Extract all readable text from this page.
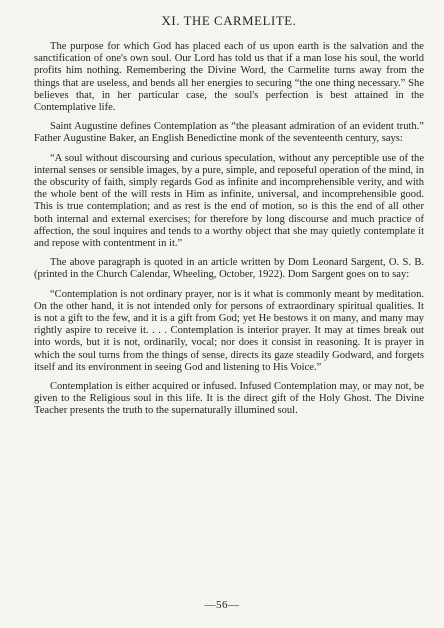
XI. THE CARMELITE.

The purpose for which God has placed each of us upon earth is the salvation and the sanctification of one's own soul. Our Lord has told us that if a man lose his soul, the world profits him nothing. Remembering the Divine Word, the Carmelite turns away from the things that are useless, and bends all her energies to securing “the one thing necessary.” She believes that, in her particular case, the soul's perfection is best attained in the Contemplative life.

Saint Augustine defines Contemplation as “the pleasant admiration of an evident truth.” Father Augustine Baker, an English Benedictine monk of the seventeenth century, says:

“A soul without discoursing and curious speculation, without any perceptible use of the internal senses or sensible images, by a pure, simple, and reposeful operation of the mind, in the obscurity of faith, simply regards God as infinite and incomprehensible verity, and with the whole bent of the will rests in Him as infinite, universal, and incomprehensible good. This is true contemplation; and as rest is the end of motion, so is this the end of all other both internal and external exercises; for therefore by long discourse and much practice of affection, the soul inquires and tends to a worthy object that she may quietly contemplate it and repose with contentment in it.”

The above paragraph is quoted in an article written by Dom Leonard Sargent, O. S. B. (printed in the Church Calendar, Wheeling, October, 1922). Dom Sargent goes on to say:

“Contemplation is not ordinary prayer, nor is it what is commonly meant by meditation. On the other hand, it is not intended only for persons of extraordinary spiritual qualities. It is not a gift to the few, and it is a gift from God; yet He bestows it on many, and many may rightly aspire to receive it. . . . Contemplation is interior prayer. It may at times break out into words, but it is not, ordinarily, vocal; nor does it consist in reasoning. It is prayer in which the soul turns from the things of sense, directs its gaze steadily Godward, and forgets itself and its environment in seeing God and listening to His Voice.”

Contemplation is either acquired or infused. Infused Contemplation may, or may not, be given to the Religious soul in this life. It is the direct gift of the Holy Ghost. The Divine Teacher presents the truth to the supernaturally illumined soul.

—56—
